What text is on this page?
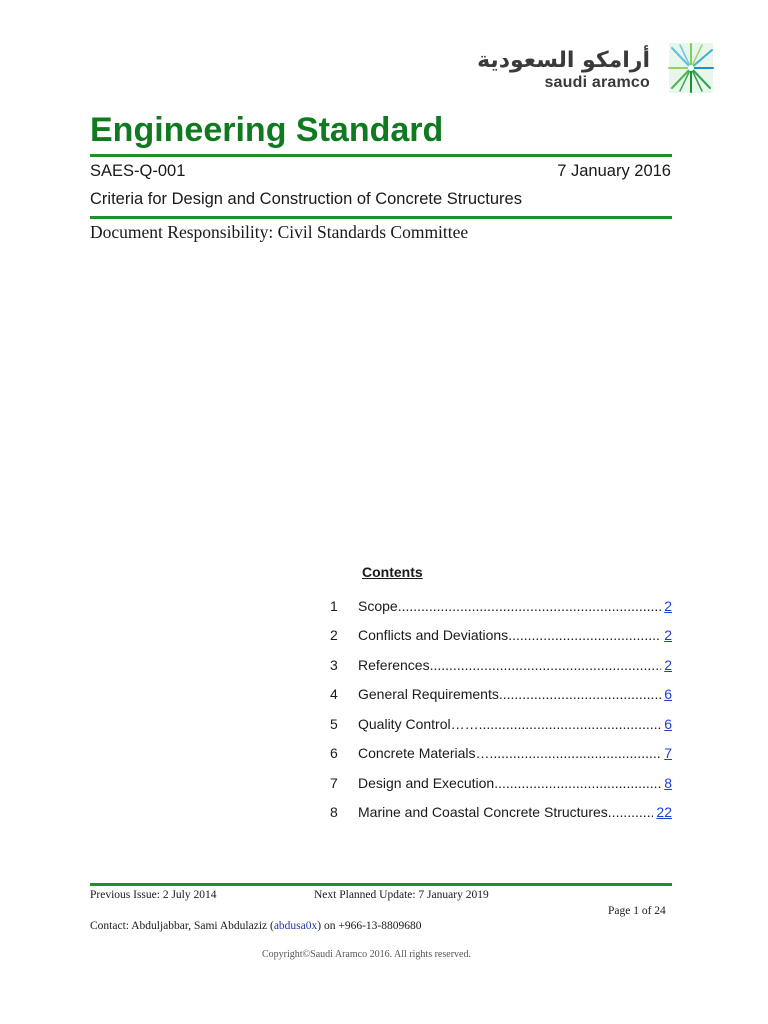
أرامكو السعودية
saudi aramco
Engineering Standard
SAES-Q-001	7 January 2016
Criteria for Design and Construction of Concrete Structures
Document Responsibility: Civil Standards Committee
Contents
1 Scope .....	2
2 Conflicts and Deviations .....	2
3 References .....	2
4 General Requirements .....	6
5 Quality Control…… .....	6
6 Concrete Materials…. .....	7
7 Design and Execution .....	8
8 Marine and Coastal Concrete Structures .....	22
Previous Issue: 2 July 2014	Next Planned Update: 7 January 2019
Page 1 of 24
Contact: Abduljabbar, Sami Abdulaziz (abdusa0x) on +966-13-8809680
Copyright©Saudi Aramco 2016. All rights reserved.
